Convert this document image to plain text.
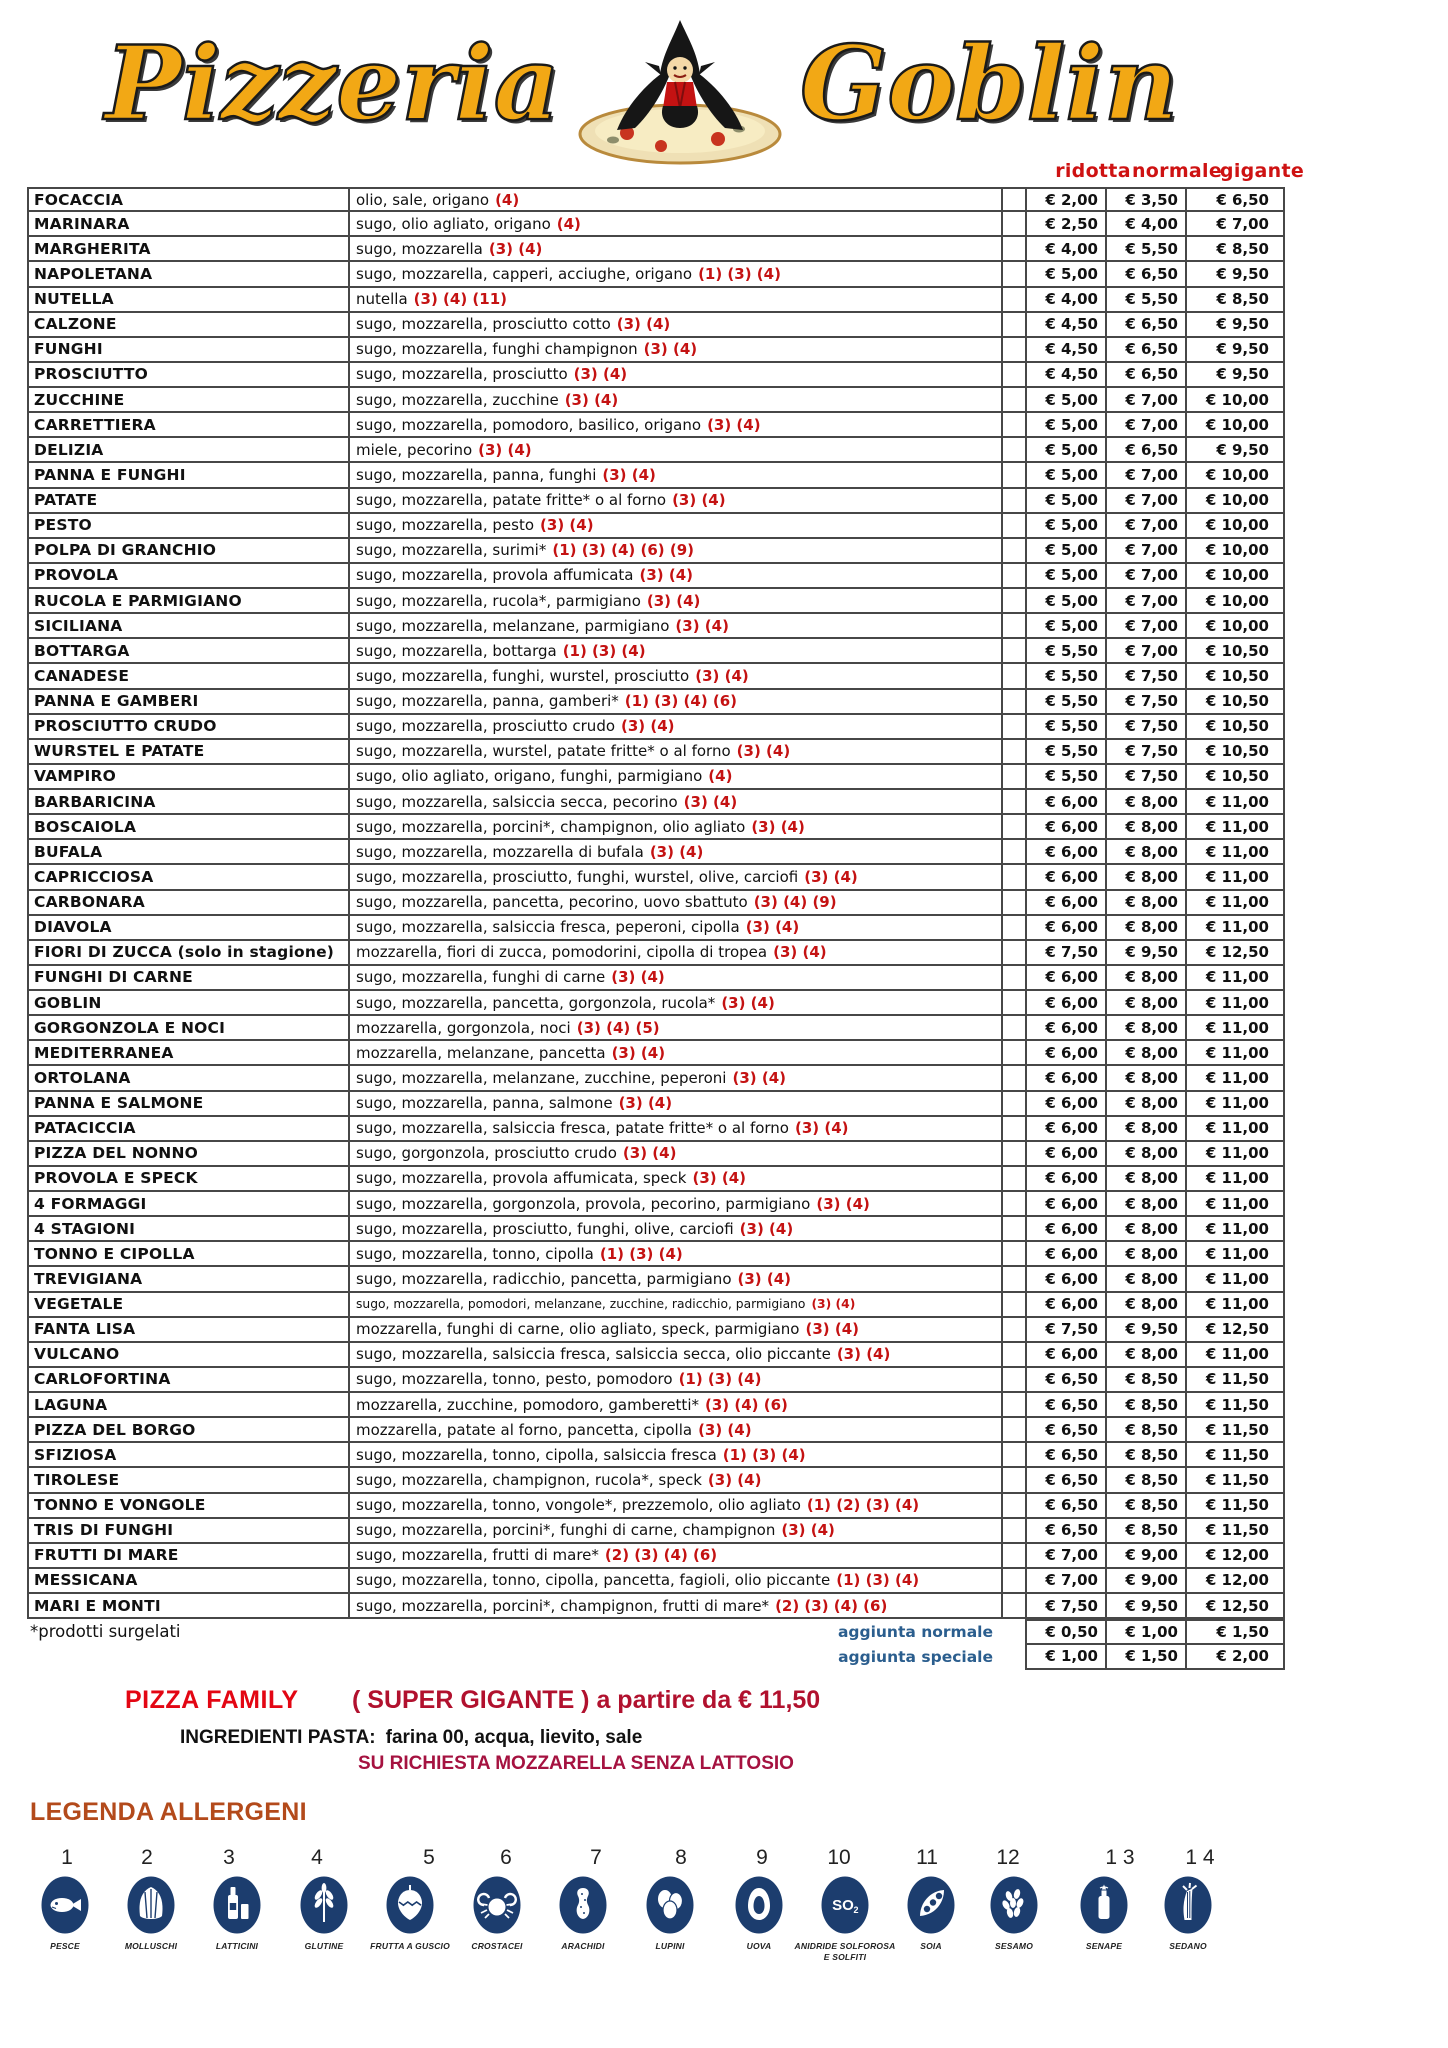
Pizzeria Goblin
ridotta normale
gigante
FOCACCIA	olio, sale, origano (4)	€ 2,00	€ 3,50	€ 6,50
MARINARA	sugo, olio agliato, origano (4)	€ 2,50	€ 4,00	€ 7,00
MARGHERITA	sugo, mozzarella (3) (4)	€ 4,00	€ 5,50	€ 8,50
NAPOLETANA	sugo, mozzarella, capperi, acciughe, origano (1) (3) (4)	€ 5,00	€ 6,50	€ 9,50
NUTELLA	nutella (3) (4) (11)	€ 4,00	€ 5,50	€ 8,50
CALZONE	sugo, mozzarella, prosciutto cotto (3) (4)	€ 4,50	€ 6,50	€ 9,50
FUNGHI	sugo, mozzarella, funghi champignon (3) (4)	€ 4,50	€ 6,50	€ 9,50
PROSCIUTTO	sugo, mozzarella, prosciutto (3) (4)	€ 4,50	€ 6,50	€ 9,50
ZUCCHINE	sugo, mozzarella, zucchine (3) (4)	€ 5,00	€ 7,00	€ 10,00
CARRETTIERA	sugo, mozzarella, pomodoro, basilico, origano (3) (4)	€ 5,00	€ 7,00	€ 10,00
DELIZIA	miele, pecorino (3) (4)	€ 5,00	€ 6,50	€ 9,50
PANNA E FUNGHI	sugo, mozzarella, panna, funghi (3) (4)	€ 5,00	€ 7,00	€ 10,00
PATATE	sugo, mozzarella, patate fritte* o al forno (3) (4)	€ 5,00	€ 7,00	€ 10,00
PESTO	sugo, mozzarella, pesto (3) (4)	€ 5,00	€ 7,00	€ 10,00
POLPA DI GRANCHIO	sugo, mozzarella, surimi* (1) (3) (4) (6) (9)	€ 5,00	€ 7,00	€ 10,00
PROVOLA	sugo, mozzarella, provola affumicata (3) (4)	€ 5,00	€ 7,00	€ 10,00
RUCOLA E PARMIGIANO	sugo, mozzarella, rucola*, parmigiano (3) (4)	€ 5,00	€ 7,00	€ 10,00
SICILIANA	sugo, mozzarella, melanzane, parmigiano (3) (4)	€ 5,00	€ 7,00	€ 10,00
BOTTARGA	sugo, mozzarella, bottarga (1) (3) (4)	€ 5,50	€ 7,00	€ 10,50
CANADESE	sugo, mozzarella, funghi, wurstel, prosciutto (3) (4)	€ 5,50	€ 7,50	€ 10,50
PANNA E GAMBERI	sugo, mozzarella, panna, gamberi* (1) (3) (4) (6)	€ 5,50	€ 7,50	€ 10,50
PROSCIUTTO CRUDO	sugo, mozzarella, prosciutto crudo (3) (4)	€ 5,50	€ 7,50	€ 10,50
WURSTEL E PATATE	sugo, mozzarella, wurstel, patate fritte* o al forno (3) (4)	€ 5,50	€ 7,50	€ 10,50
VAMPIRO	sugo, olio agliato, origano, funghi, parmigiano (4)	€ 5,50	€ 7,50	€ 10,50
BARBARICINA	sugo, mozzarella, salsiccia secca, pecorino (3) (4)	€ 6,00	€ 8,00	€ 11,00
BOSCAIOLA	sugo, mozzarella, porcini*, champignon, olio agliato (3) (4)	€ 6,00	€ 8,00	€ 11,00
BUFALA	sugo, mozzarella, mozzarella di bufala (3) (4)	€ 6,00	€ 8,00	€ 11,00
CAPRICCIOSA	sugo, mozzarella, prosciutto, funghi, wurstel, olive, carciofi (3) (4)	€ 6,00	€ 8,00	€ 11,00
CARBONARA	sugo, mozzarella, pancetta, pecorino, uovo sbattuto (3) (4) (9)	€ 6,00	€ 8,00	€ 11,00
DIAVOLA	sugo, mozzarella, salsiccia fresca, peperoni, cipolla (3) (4)	€ 6,00	€ 8,00	€ 11,00
FIORI DI ZUCCA (solo in stagione)	mozzarella, fiori di zucca, pomodorini, cipolla di tropea (3) (4)	€ 7,50	€ 9,50	€ 12,50
FUNGHI DI CARNE	sugo, mozzarella, funghi di carne (3) (4)	€ 6,00	€ 8,00	€ 11,00
GOBLIN	sugo, mozzarella, pancetta, gorgonzola, rucola* (3) (4)	€ 6,00	€ 8,00	€ 11,00
GORGONZOLA E NOCI	mozzarella, gorgonzola, noci (3) (4) (5)	€ 6,00	€ 8,00	€ 11,00
MEDITERRANEA	mozzarella, melanzane, pancetta (3) (4)	€ 6,00	€ 8,00	€ 11,00
ORTOLANA	sugo, mozzarella, melanzane, zucchine, peperoni (3) (4)	€ 6,00	€ 8,00	€ 11,00
PANNA E SALMONE	sugo, mozzarella, panna, salmone (3) (4)	€ 6,00	€ 8,00	€ 11,00
PATACICCIA	sugo, mozzarella, salsiccia fresca, patate fritte* o al forno (3) (4)	€ 6,00	€ 8,00	€ 11,00
PIZZA DEL NONNO	sugo, gorgonzola, prosciutto crudo (3) (4)	€ 6,00	€ 8,00	€ 11,00
PROVOLA E SPECK	sugo, mozzarella, provola affumicata, speck (3) (4)	€ 6,00	€ 8,00	€ 11,00
4 FORMAGGI	sugo, mozzarella, gorgonzola, provola, pecorino, parmigiano (3) (4)	€ 6,00	€ 8,00	€ 11,00
4 STAGIONI	sugo, mozzarella, prosciutto, funghi, olive, carciofi (3) (4)	€ 6,00	€ 8,00	€ 11,00
TONNO E CIPOLLA	sugo, mozzarella, tonno, cipolla (1) (3) (4)	€ 6,00	€ 8,00	€ 11,00
TREVIGIANA	sugo, mozzarella, radicchio, pancetta, parmigiano (3) (4)	€ 6,00	€ 8,00	€ 11,00
VEGETALE	sugo, mozzarella, pomodori, melanzane, zucchine, radicchio, parmigiano (3) (4)	€ 6,00	€ 8,00	€ 11,00
FANTA LISA	mozzarella, funghi di carne, olio agliato, speck, parmigiano (3) (4)	€ 7,50	€ 9,50	€ 12,50
VULCANO	sugo, mozzarella, salsiccia fresca, salsiccia secca, olio piccante (3) (4)	€ 6,00	€ 8,00	€ 11,00
CARLOFORTINA	sugo, mozzarella, tonno, pesto, pomodoro (1) (3) (4)	€ 6,50	€ 8,50	€ 11,50
LAGUNA	mozzarella, zucchine, pomodoro, gamberetti* (3) (4) (6)	€ 6,50	€ 8,50	€ 11,50
PIZZA DEL BORGO	mozzarella, patate al forno, pancetta, cipolla (3) (4)	€ 6,50	€ 8,50	€ 11,50
SFIZIOSA	sugo, mozzarella, tonno, cipolla, salsiccia fresca (1) (3) (4)	€ 6,50	€ 8,50	€ 11,50
TIROLESE	sugo, mozzarella, champignon, rucola*, speck (3) (4)	€ 6,50	€ 8,50	€ 11,50
TONNO E VONGOLE	sugo, mozzarella, tonno, vongole*, prezzemolo, olio agliato (1) (2) (3) (4)	€ 6,50	€ 8,50	€ 11,50
TRIS DI FUNGHI	sugo, mozzarella, porcini*, funghi di carne, champignon (3) (4)	€ 6,50	€ 8,50	€ 11,50
FRUTTI DI MARE	sugo, mozzarella, frutti di mare* (2) (3) (4) (6)	€ 7,00	€ 9,00	€ 12,00
MESSICANA	sugo, mozzarella, tonno, cipolla, pancetta, fagioli, olio piccante (1) (3) (4)	€ 7,00	€ 9,00	€ 12,00
MARI E MONTI	sugo, mozzarella, porcini*, champignon, frutti di mare* (2) (3) (4) (6)	€ 7,50	€ 9,50	€ 12,50
aggiunta normale	€ 0,50	€ 1,00	€ 1,50
aggiunta speciale	€ 1,00	€ 1,50	€ 2,00
*prodotti surgelati
PIZZA FAMILY ( SUPER GIGANTE ) a partire da € 11,50
INGREDIENTI PASTA: farina 00, acqua, lievito, sale
SU RICHIESTA MOZZARELLA SENZA LATTOSIO
LEGENDA ALLERGENI
1
PESCE
2
MOLLUSCHI
3
LATTICINI
4
GLUTINE
5
FRUTTA A GUSCIO
6
CROSTACEI
7
ARACHIDI
8
LUPINI
9
UOVA
10
SO 2
ANIDRIDE SOLFOROSA
E SOLFITI
11
SOIA
12
SESAMO
1 3
SENAPE
1 4
SEDANO
